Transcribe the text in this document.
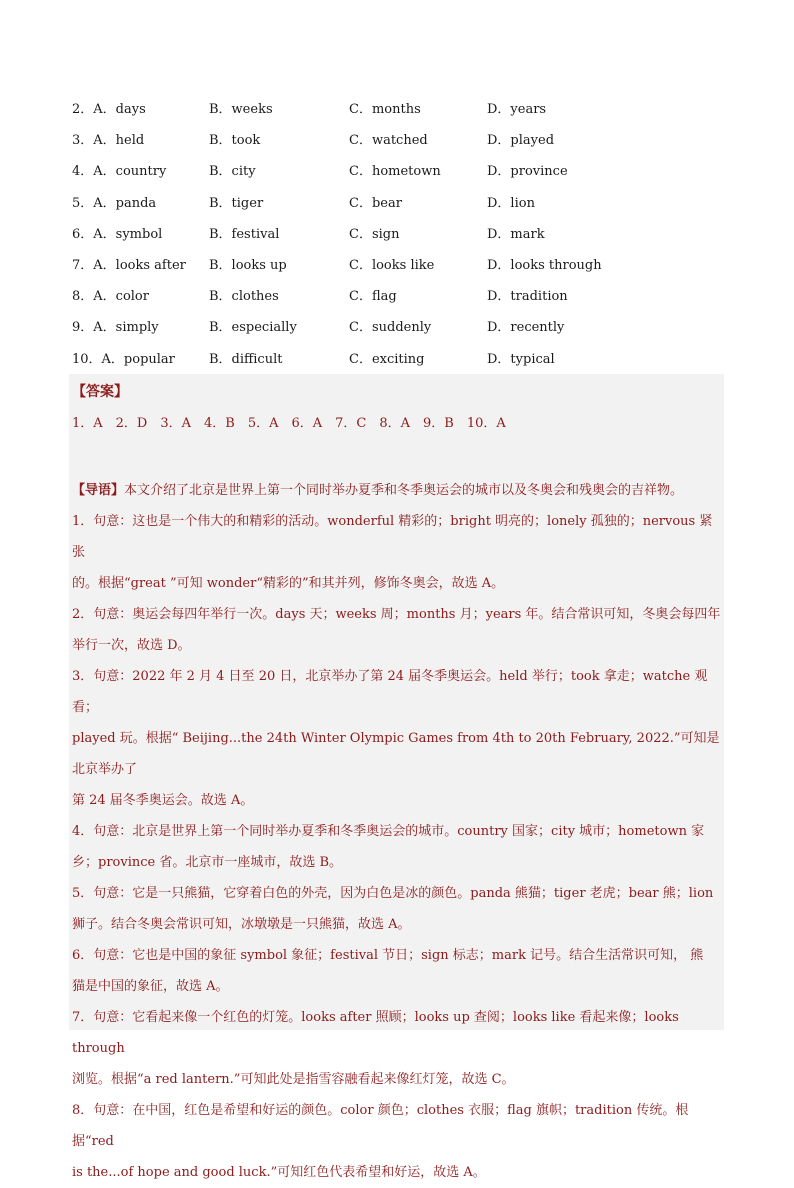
2．A．days	B．weeks	C．months	D．years
3．A．held	B．took	C．watched	D．played
4．A．country	B．city	C．hometown	D．province
5．A．panda	B．tiger	C．bear	D．lion
6．A．symbol	B．festival	C．sign	D．mark
7．A．looks after B．looks up	C．looks like	D．looks through
8．A．color	B．clothes	C．flag	D．tradition
9．A．simply	B．especially	C．suddenly	D．recently
10．A．popular	B．difficult	C．exciting	D．typical
【答案】
1．A　2．D　3．A　4．B　5．A　6．A　7．C　8．A　9．B　10．A

【导语】本文介绍了北京是世界上第一个同时举办夏季和冬季奥运会的城市以及冬奥会和残奥会的吉祥物。

1．句意：这也是一个伟大的和精彩的活动。wonderful 精彩的；bright 明亮的；lonely 孤独的；nervous 紧张

的。根据“great ”可知 wonder“精彩的”和其并列，修饰冬奥会，故选 A。

2．句意：奥运会每四年举行一次。days 天；weeks 周；months 月；years 年。结合常识可知，冬奥会每四年

举行一次，故选 D。

3．句意：2022 年 2 月 4 日至 20 日，北京举办了第 24 届冬季奥运会。held 举行；took 拿走；watche 观看；

played 玩。根据“ Beijing...the 24th Winter Olympic Games from 4th to 20th February, 2022.”可知是北京举办了

第 24 届冬季奥运会。故选 A。

4．句意：北京是世界上第一个同时举办夏季和冬季奥运会的城市。country 国家；city 城市；hometown 家

乡；province 省。北京市一座城市，故选 B。

5．句意：它是一只熊猫，它穿着白色的外壳，因为白色是冰的颜色。panda 熊猫；tiger 老虎；bear 熊；lion

狮子。结合冬奥会常识可知，冰墩墩是一只熊猫，故选 A。

6．句意：它也是中国的象征 symbol 象征；festival 节日；sign 标志；mark 记号。结合生活常识可知， 熊

猫是中国的象征，故选 A。

7．句意：它看起来像一个红色的灯笼。looks after 照顾；looks up 查阅；looks like 看起来像；looks through

浏览。根据“a red lantern.”可知此处是指雪容融看起来像红灯笼，故选 C。

8．句意：在中国，红色是希望和好运的颜色。color 颜色；clothes 衣服；flag 旗帜；tradition 传统。根据“red

is the...of hope and good luck.”可知红色代表希望和好运，故选 A。
